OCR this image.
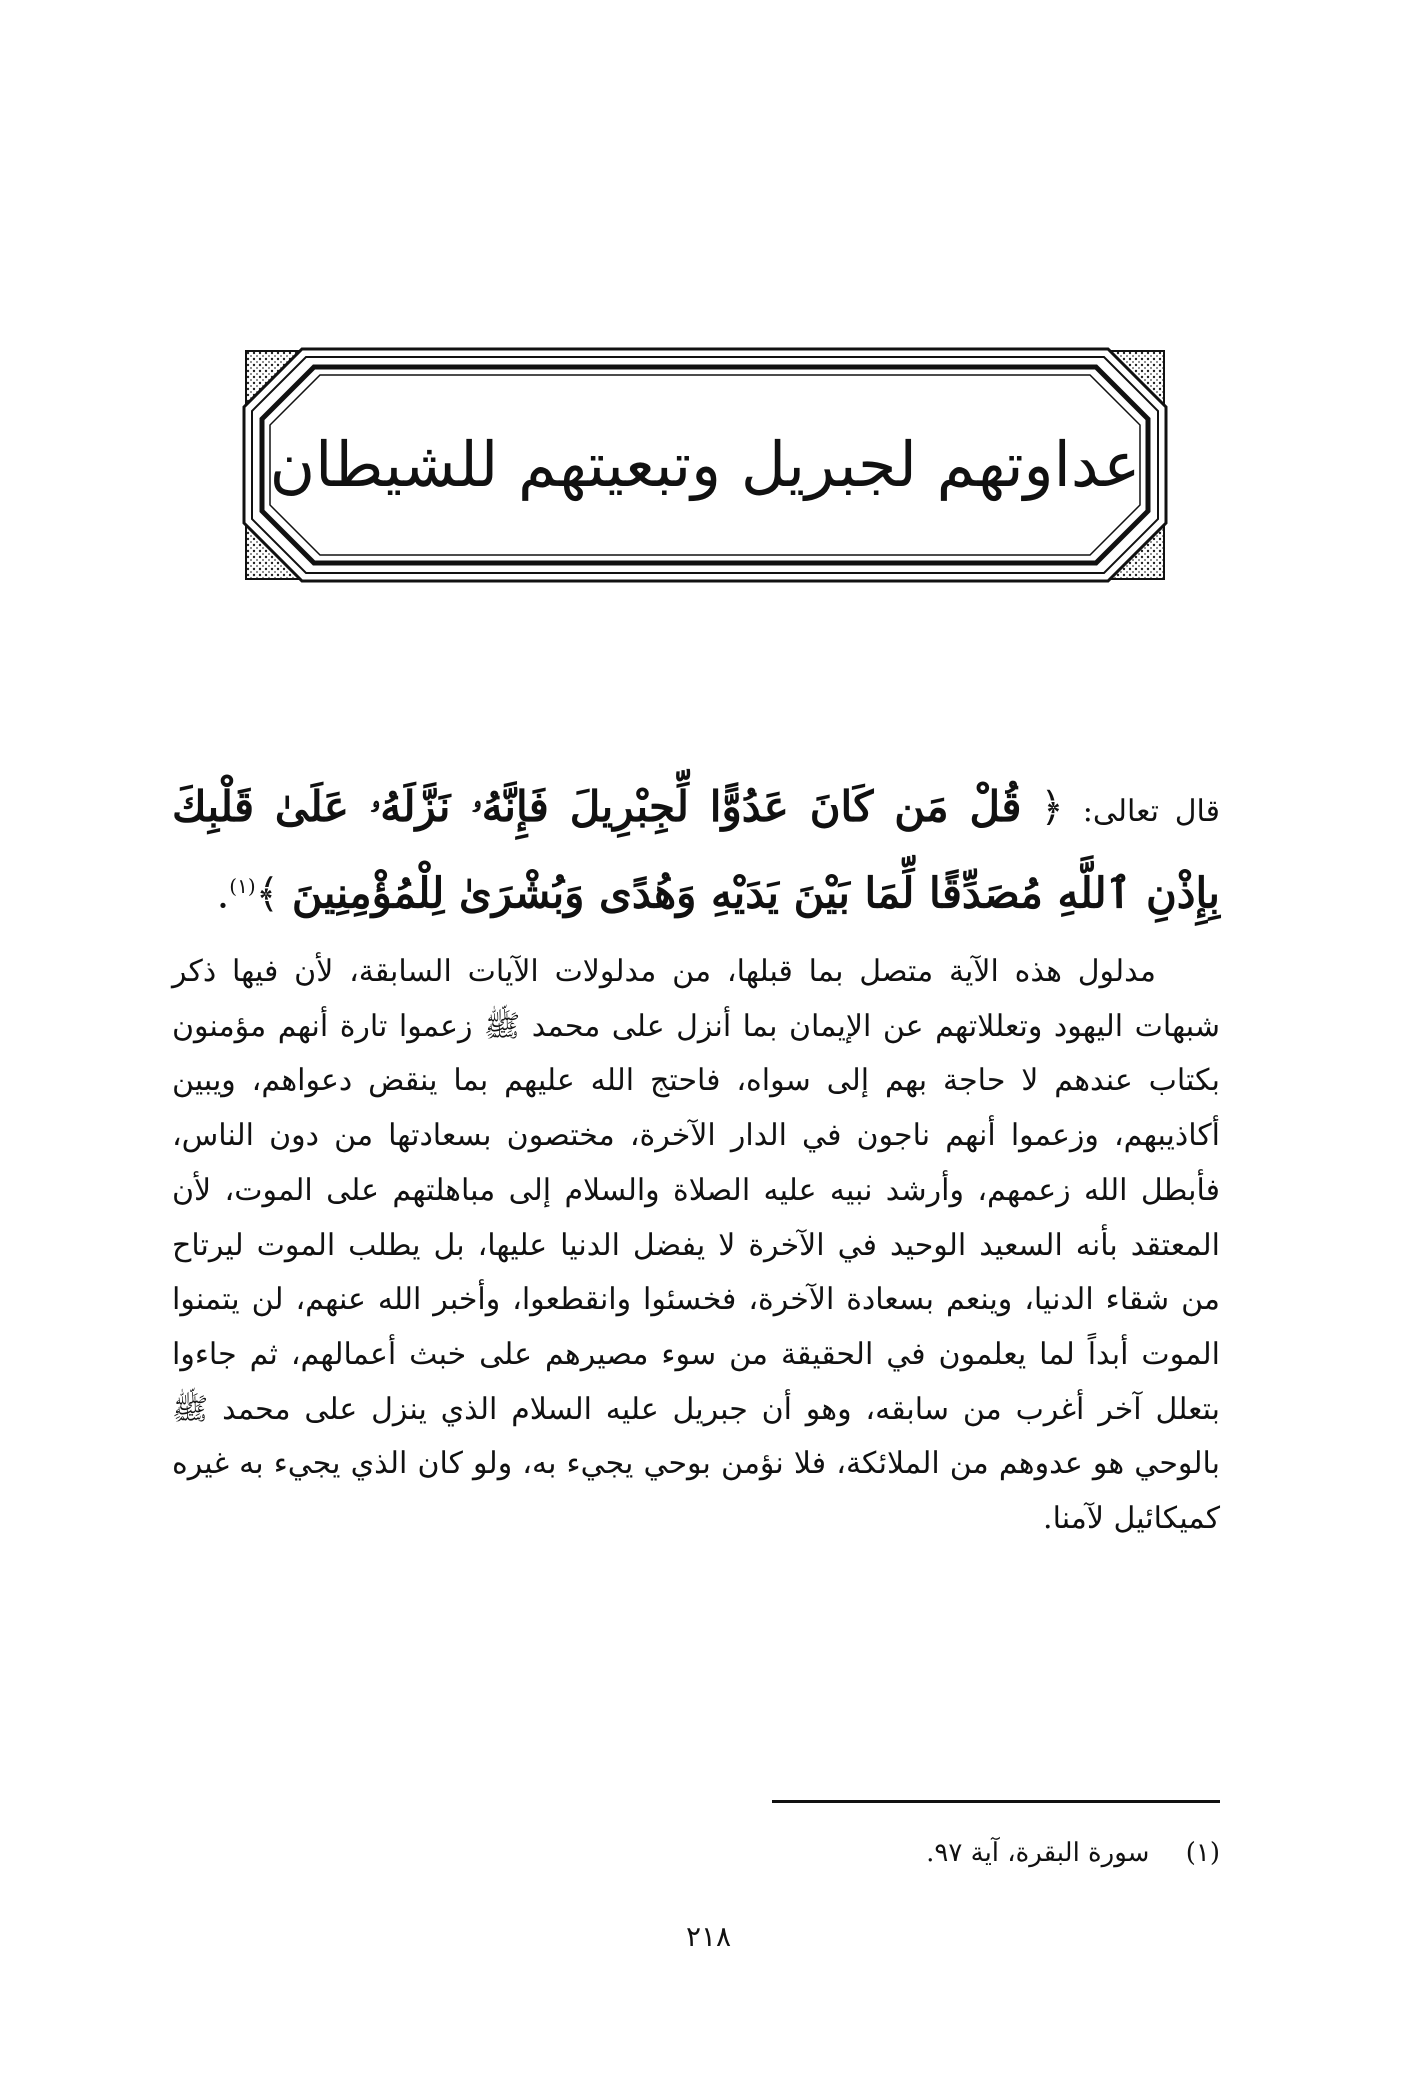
عداوتهم لجبريل وتبعيتهم للشيطان

قال تعالى: ﴿ قُلْ مَن كَانَ عَدُوًّا لِّجِبْرِيلَ فَإِنَّهُۥ نَزَّلَهُۥ عَلَىٰ قَلْبِكَ بِإِذْنِ ٱللَّهِ مُصَدِّقًا لِّمَا بَيْنَ يَدَيْهِ وَهُدًى وَبُشْرَىٰ لِلْمُؤْمِنِينَ ﴾$^{(١)}$.

مدلول هذه الآية متصل بما قبلها، من مدلولات الآيات السابقة، لأن فيها ذكر شبهات اليهود وتعللاتهم عن الإيمان بما أنزل على محمد ﷺ زعموا تارة أنهم مؤمنون بكتاب عندهم لا حاجة بهم إلى سواه، فاحتج الله عليهم بما ينقض دعواهم، ويبين أكاذيبهم، وزعموا أنهم ناجون في الدار الآخرة، مختصون بسعادتها من دون الناس، فأبطل الله زعمهم، وأرشد نبيه عليه الصلاة والسلام إلى مباهلتهم على الموت، لأن المعتقد بأنه السعيد الوحيد في الآخرة لا يفضل الدنيا عليها، بل يطلب الموت ليرتاح من شقاء الدنيا، وينعم بسعادة الآخرة، فخسئوا وانقطعوا، وأخبر الله عنهم، لن يتمنوا الموت أبداً لما يعلمون في الحقيقة من سوء مصيرهم على خبث أعمالهم، ثم جاءوا بتعلل آخر أغرب من سابقه، وهو أن جبريل عليه السلام الذي ينزل على محمد ﷺ بالوحي هو عدوهم من الملائكة، فلا نؤمن بوحي يجيء به، ولو كان الذي يجيء به غيره كميكائيل لآمنا.

(١) سورة البقرة، آية ٩٧.

٢١٨
